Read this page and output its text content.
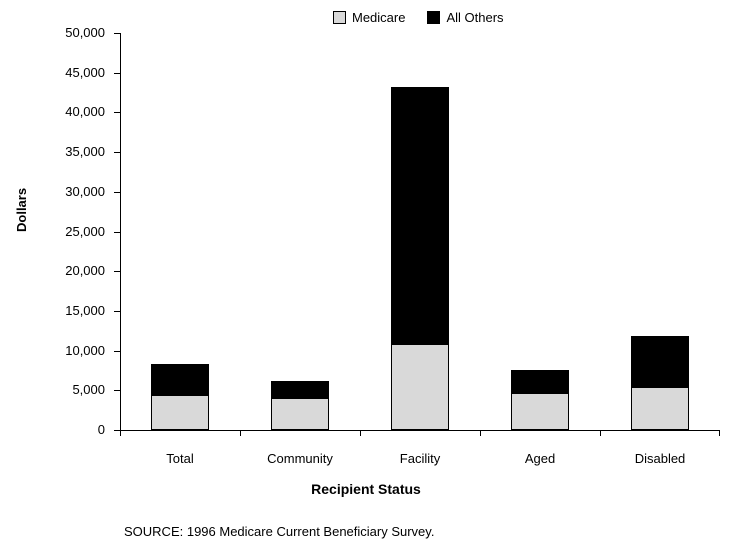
Medicare	All Others
Dollars
0
5,000
10,000
15,000
20,000
25,000
30,000
35,000
40,000
45,000
50,000
Total	Community	Facility	Aged	Disabled
Recipient Status
SOURCE: 1996 Medicare Current Beneficiary Survey.
